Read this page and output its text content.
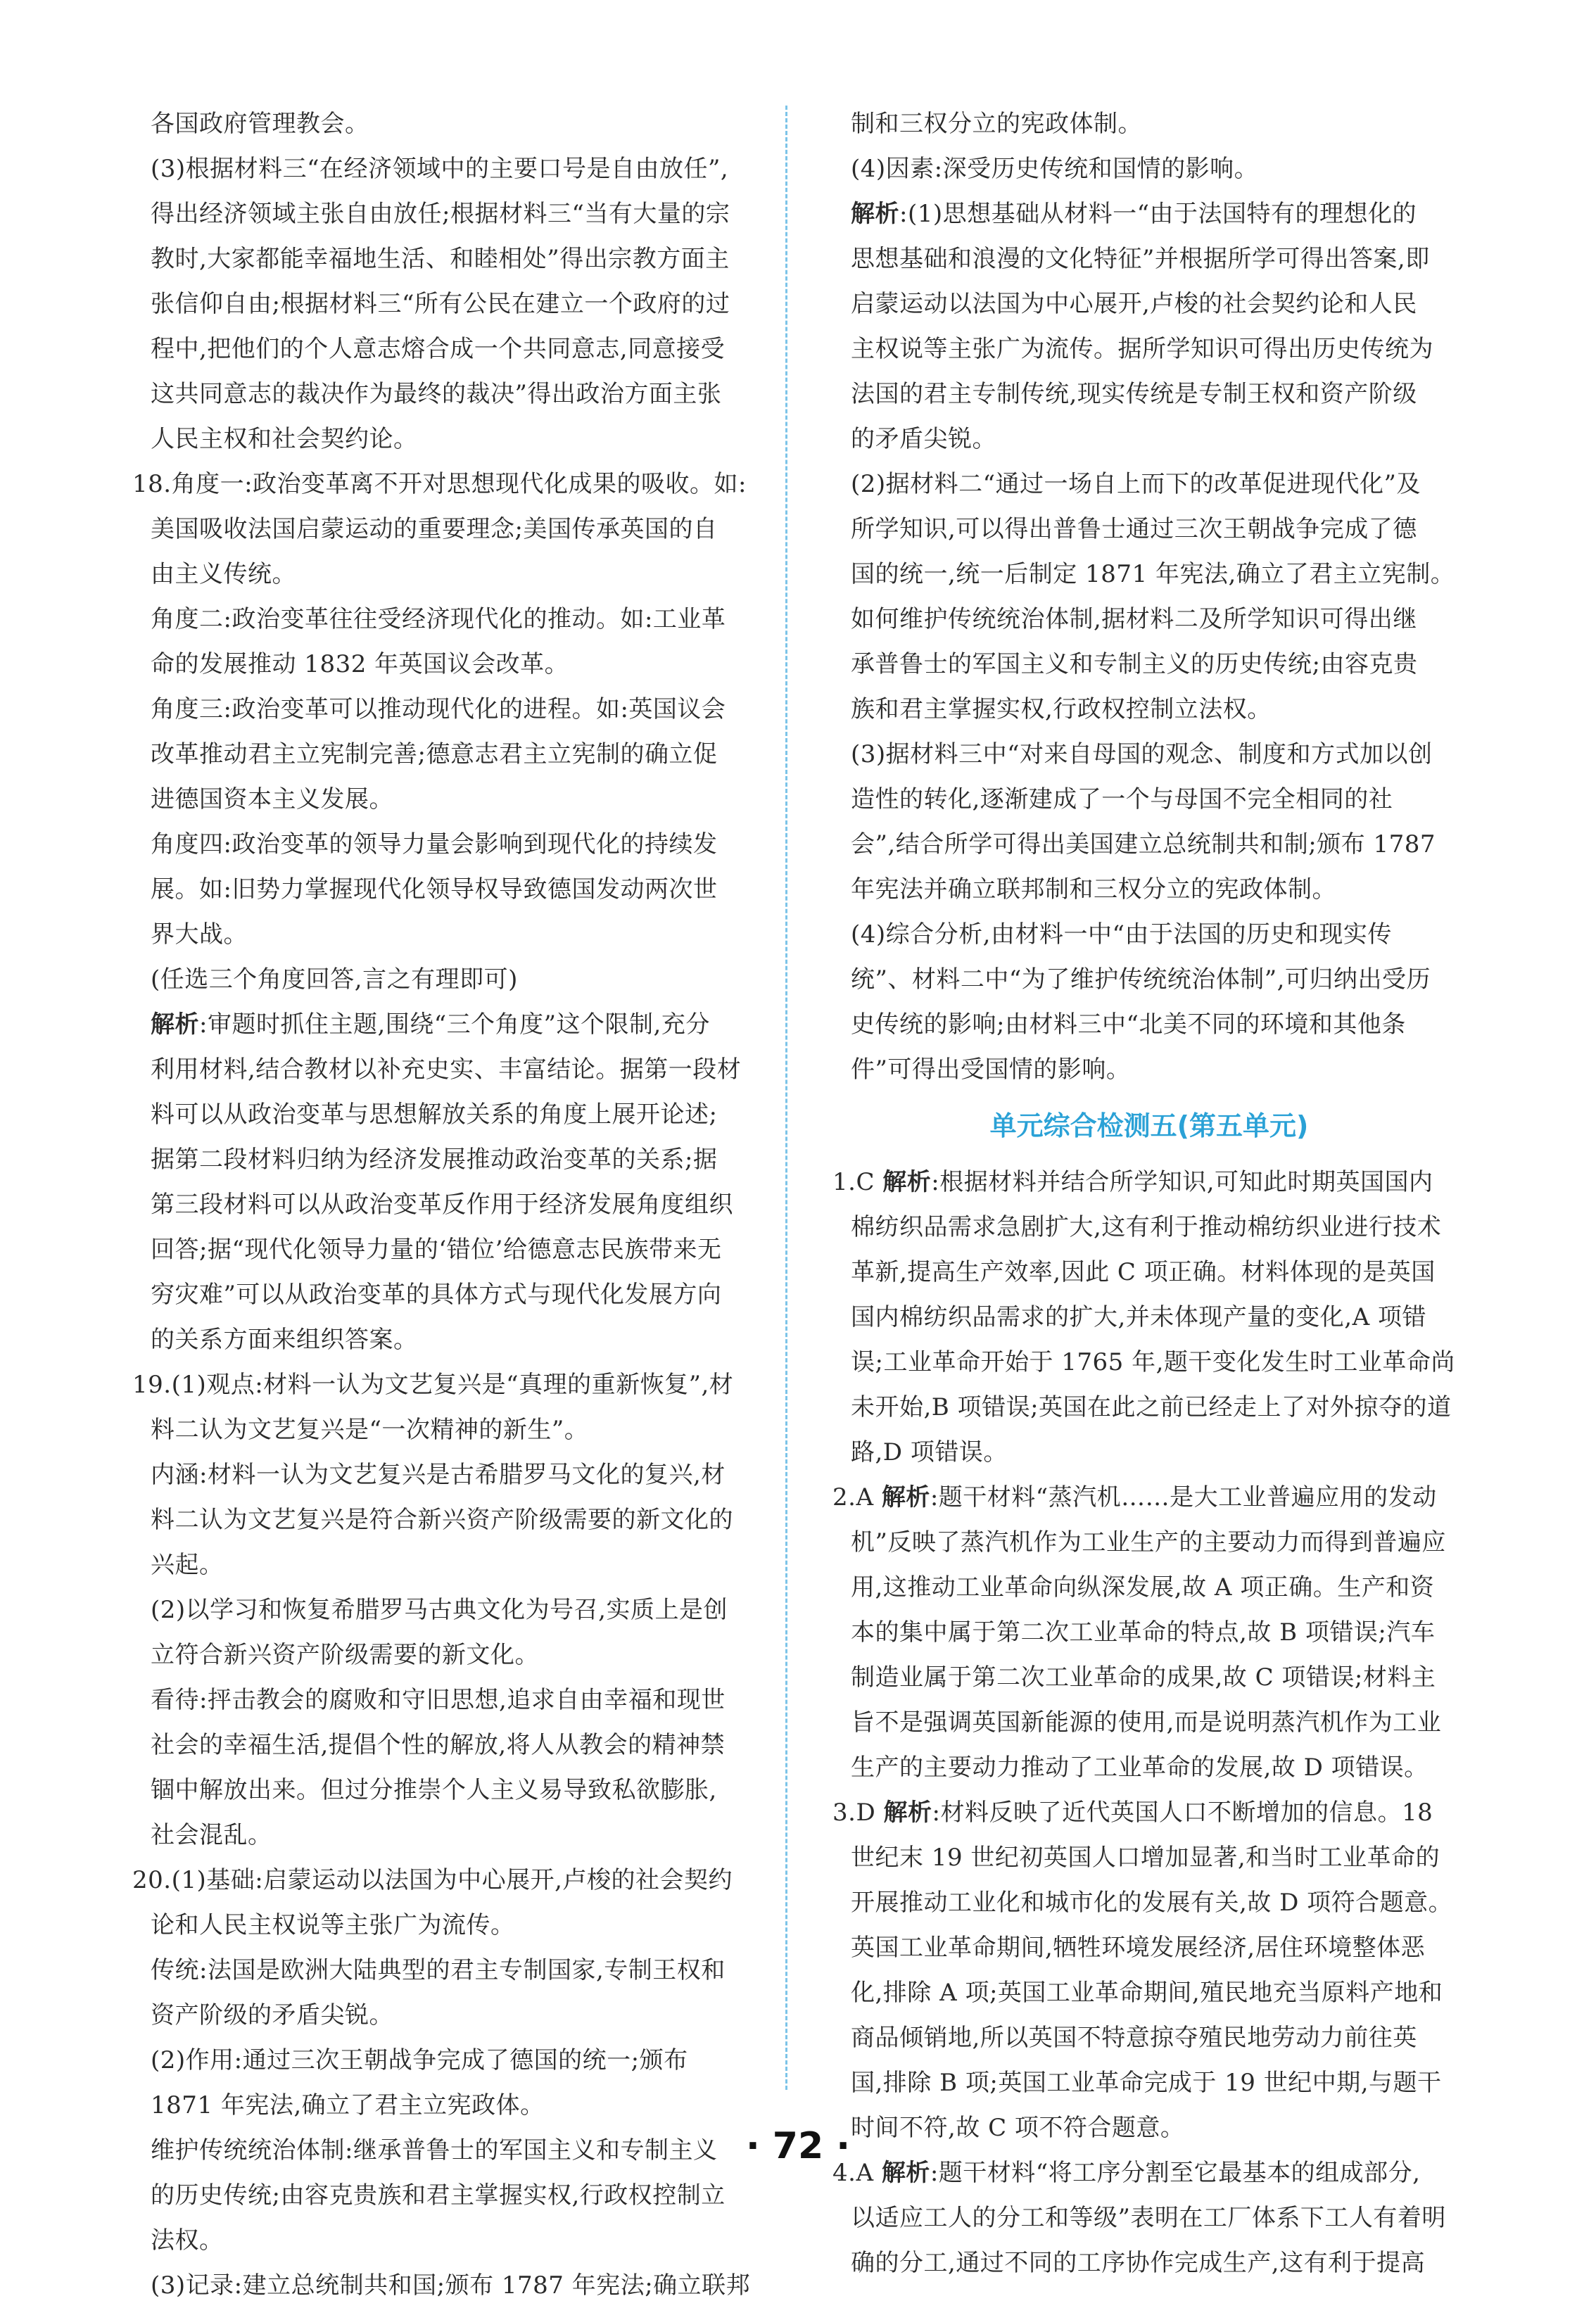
各国政府管理教会。
(3)根据材料三“在经济领域中的主要口号是自由放任”,
得出经济领域主张自由放任;根据材料三“当有大量的宗
教时,大家都能幸福地生活、和睦相处”得出宗教方面主
张信仰自由;根据材料三“所有公民在建立一个政府的过
程中,把他们的个人意志熔合成一个共同意志,同意接受
这共同意志的裁决作为最终的裁决”得出政治方面主张
人民主权和社会契约论。
18.角度一:政治变革离不开对思想现代化成果的吸收。如:
美国吸收法国启蒙运动的重要理念;美国传承英国的自
由主义传统。
角度二:政治变革往往受经济现代化的推动。如:工业革
命的发展推动 1832 年英国议会改革。
角度三:政治变革可以推动现代化的进程。如:英国议会
改革推动君主立宪制完善;德意志君主立宪制的确立促
进德国资本主义发展。
角度四:政治变革的领导力量会影响到现代化的持续发
展。如:旧势力掌握现代化领导权导致德国发动两次世
界大战。
(任选三个角度回答,言之有理即可)
解析:审题时抓住主题,围绕“三个角度”这个限制,充分
利用材料,结合教材以补充史实、丰富结论。据第一段材
料可以从政治变革与思想解放关系的角度上展开论述;
据第二段材料归纳为经济发展推动政治变革的关系;据
第三段材料可以从政治变革反作用于经济发展角度组织
回答;据“现代化领导力量的‘错位’给德意志民族带来无
穷灾难”可以从政治变革的具体方式与现代化发展方向
的关系方面来组织答案。
19.(1)观点:材料一认为文艺复兴是“真理的重新恢复”,材
料二认为文艺复兴是“一次精神的新生”。
内涵:材料一认为文艺复兴是古希腊罗马文化的复兴,材
料二认为文艺复兴是符合新兴资产阶级需要的新文化的
兴起。
(2)以学习和恢复希腊罗马古典文化为号召,实质上是创
立符合新兴资产阶级需要的新文化。
看待:抨击教会的腐败和守旧思想,追求自由幸福和现世
社会的幸福生活,提倡个性的解放,将人从教会的精神禁
锢中解放出来。但过分推崇个人主义易导致私欲膨胀,
社会混乱。
20.(1)基础:启蒙运动以法国为中心展开,卢梭的社会契约
论和人民主权说等主张广为流传。
传统:法国是欧洲大陆典型的君主专制国家,专制王权和
资产阶级的矛盾尖锐。
(2)作用:通过三次王朝战争完成了德国的统一;颁布
1871 年宪法,确立了君主立宪政体。
维护传统统治体制:继承普鲁士的军国主义和专制主义
的历史传统;由容克贵族和君主掌握实权,行政权控制立
法权。
(3)记录:建立总统制共和国;颁布 1787 年宪法;确立联邦
制和三权分立的宪政体制。
(4)因素:深受历史传统和国情的影响。
解析:(1)思想基础从材料一“由于法国特有的理想化的
思想基础和浪漫的文化特征”并根据所学可得出答案,即
启蒙运动以法国为中心展开,卢梭的社会契约论和人民
主权说等主张广为流传。据所学知识可得出历史传统为
法国的君主专制传统,现实传统是专制王权和资产阶级
的矛盾尖锐。
(2)据材料二“通过一场自上而下的改革促进现代化”及
所学知识,可以得出普鲁士通过三次王朝战争完成了德
国的统一,统一后制定 1871 年宪法,确立了君主立宪制。
如何维护传统统治体制,据材料二及所学知识可得出继
承普鲁士的军国主义和专制主义的历史传统;由容克贵
族和君主掌握实权,行政权控制立法权。
(3)据材料三中“对来自母国的观念、制度和方式加以创
造性的转化,逐渐建成了一个与母国不完全相同的社
会”,结合所学可得出美国建立总统制共和制;颁布 1787
年宪法并确立联邦制和三权分立的宪政体制。
(4)综合分析,由材料一中“由于法国的历史和现实传
统”、材料二中“为了维护传统统治体制”,可归纳出受历
史传统的影响;由材料三中“北美不同的环境和其他条
件”可得出受国情的影响。
单元综合检测五(第五单元)
1.C 解析:根据材料并结合所学知识,可知此时期英国国内
棉纺织品需求急剧扩大,这有利于推动棉纺织业进行技术
革新,提高生产效率,因此 C 项正确。材料体现的是英国
国内棉纺织品需求的扩大,并未体现产量的变化,A 项错
误;工业革命开始于 1765 年,题干变化发生时工业革命尚
未开始,B 项错误;英国在此之前已经走上了对外掠夺的道
路,D 项错误。
2.A 解析:题干材料“蒸汽机……是大工业普遍应用的发动
机”反映了蒸汽机作为工业生产的主要动力而得到普遍应
用,这推动工业革命向纵深发展,故 A 项正确。生产和资
本的集中属于第二次工业革命的特点,故 B 项错误;汽车
制造业属于第二次工业革命的成果,故 C 项错误;材料主
旨不是强调英国新能源的使用,而是说明蒸汽机作为工业
生产的主要动力推动了工业革命的发展,故 D 项错误。
3.D 解析:材料反映了近代英国人口不断增加的信息。18
世纪末 19 世纪初英国人口增加显著,和当时工业革命的
开展推动工业化和城市化的发展有关,故 D 项符合题意。
英国工业革命期间,牺牲环境发展经济,居住环境整体恶
化,排除 A 项;英国工业革命期间,殖民地充当原料产地和
商品倾销地,所以英国不特意掠夺殖民地劳动力前往英
国,排除 B 项;英国工业革命完成于 19 世纪中期,与题干
时间不符,故 C 项不符合题意。
4.A 解析:题干材料“将工序分割至它最基本的组成部分,
以适应工人的分工和等级”表明在工厂体系下工人有着明
确的分工,通过不同的工序协作完成生产,这有利于提高
· 72 ·
